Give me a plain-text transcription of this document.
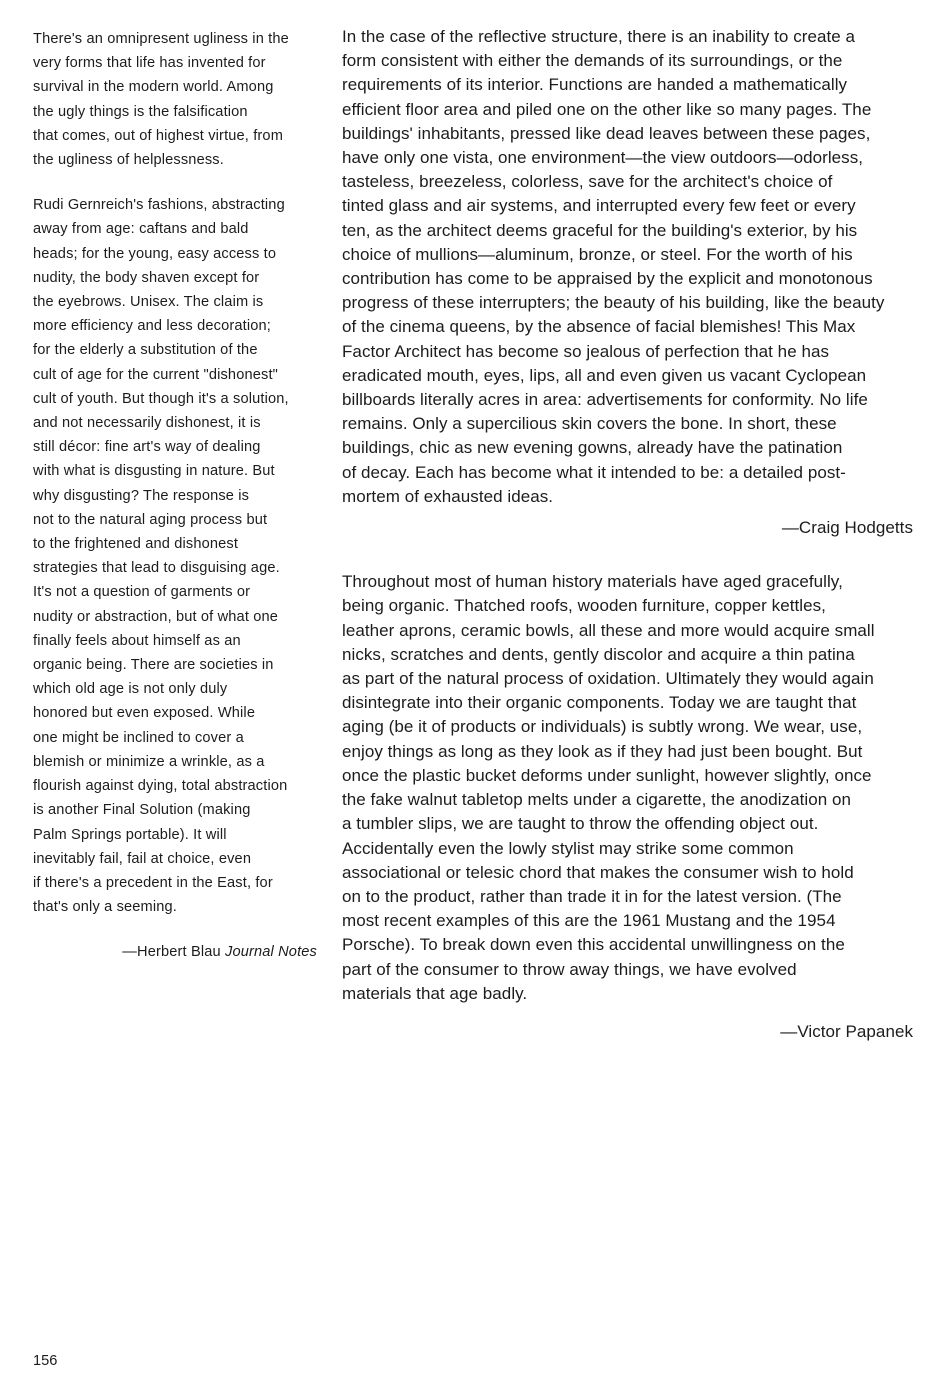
There's an omnipresent ugliness in the
very forms that life has invented for
survival in the modern world. Among
the ugly things is the falsification
that comes, out of highest virtue, from
the ugliness of helplessness.
Rudi Gernreich's fashions, abstracting
away from age: caftans and bald
heads; for the young, easy access to
nudity, the body shaven except for
the eyebrows. Unisex. The claim is
more efficiency and less decoration;
for the elderly a substitution of the
cult of age for the current "dishonest"
cult of youth. But though it's a solution,
and not necessarily dishonest, it is
still décor: fine art's way of dealing
with what is disgusting in nature. But
why disgusting? The response is
not to the natural aging process but
to the frightened and dishonest
strategies that lead to disguising age.
It's not a question of garments or
nudity or abstraction, but of what one
finally feels about himself as an
organic being. There are societies in
which old age is not only duly
honored but even exposed. While
one might be inclined to cover a
blemish or minimize a wrinkle, as a
flourish against dying, total abstraction
is another Final Solution (making
Palm Springs portable). It will
inevitably fail, fail at choice, even
if there's a precedent in the East, for
that's only a seeming.
—Herbert Blau Journal Notes
In the case of the reflective structure, there is an inability to create a
form consistent with either the demands of its surroundings, or the
requirements of its interior. Functions are handed a mathematically
efficient floor area and piled one on the other like so many pages. The
buildings' inhabitants, pressed like dead leaves between these pages,
have only one vista, one environment—the view outdoors—odorless,
tasteless, breezeless, colorless, save for the architect's choice of
tinted glass and air systems, and interrupted every few feet or every
ten, as the architect deems graceful for the building's exterior, by his
choice of mullions—aluminum, bronze, or steel. For the worth of his
contribution has come to be appraised by the explicit and monotonous
progress of these interrupters; the beauty of his building, like the beauty
of the cinema queens, by the absence of facial blemishes! This Max
Factor Architect has become so jealous of perfection that he has
eradicated mouth, eyes, lips, all and even given us vacant Cyclopean
billboards literally acres in area: advertisements for conformity. No life
remains. Only a supercilious skin covers the bone. In short, these
buildings, chic as new evening gowns, already have the patination
of decay. Each has become what it intended to be: a detailed post-
mortem of exhausted ideas.
—Craig Hodgetts
Throughout most of human history materials have aged gracefully,
being organic. Thatched roofs, wooden furniture, copper kettles,
leather aprons, ceramic bowls, all these and more would acquire small
nicks, scratches and dents, gently discolor and acquire a thin patina
as part of the natural process of oxidation. Ultimately they would again
disintegrate into their organic components. Today we are taught that
aging (be it of products or individuals) is subtly wrong. We wear, use,
enjoy things as long as they look as if they had just been bought. But
once the plastic bucket deforms under sunlight, however slightly, once
the fake walnut tabletop melts under a cigarette, the anodization on
a tumbler slips, we are taught to throw the offending object out.
Accidentally even the lowly stylist may strike some common
associational or telesic chord that makes the consumer wish to hold
on to the product, rather than trade it in for the latest version. (The
most recent examples of this are the 1961 Mustang and the 1954
Porsche). To break down even this accidental unwillingness on the
part of the consumer to throw away things, we have evolved
materials that age badly.
—Victor Papanek
156
